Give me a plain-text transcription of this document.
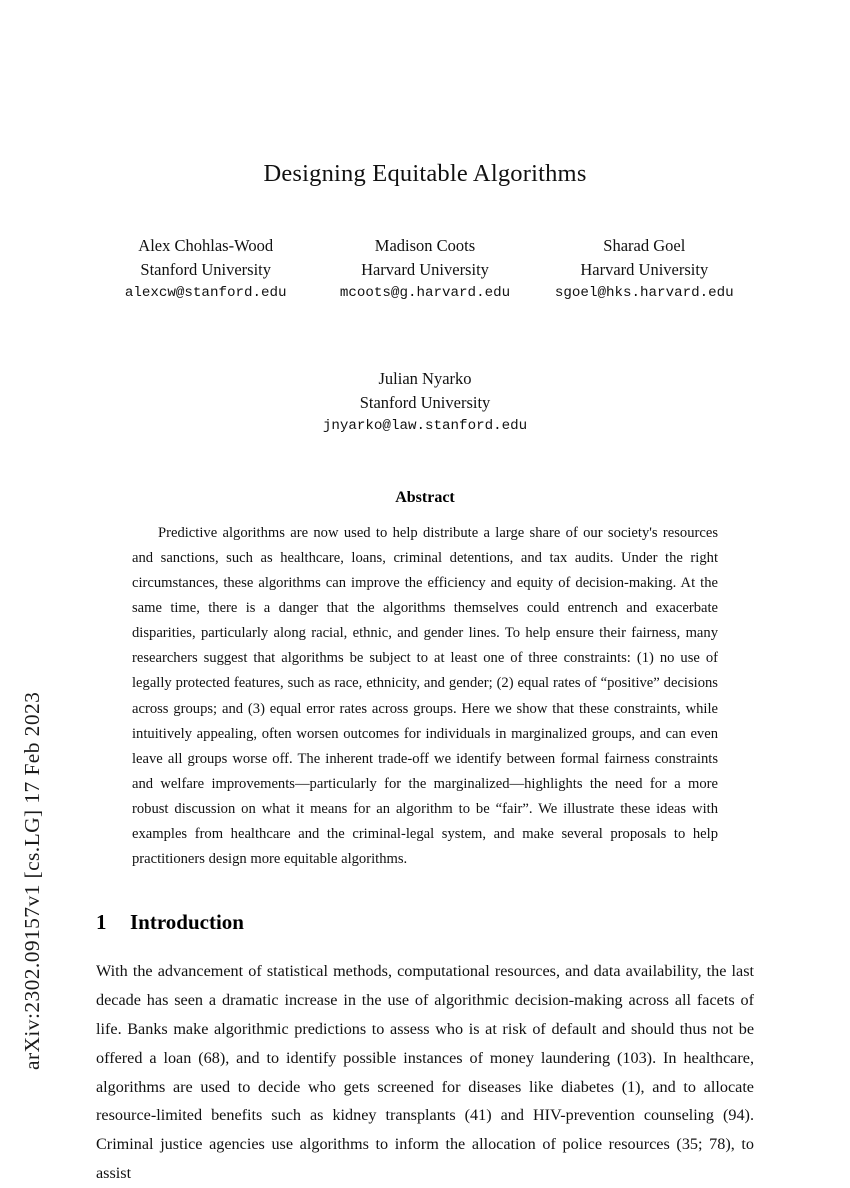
arXiv:2302.09157v1 [cs.LG] 17 Feb 2023
Designing Equitable Algorithms
Alex Chohlas-Wood
Stanford University
alexcw@stanford.edu
Madison Coots
Harvard University
mcoots@g.harvard.edu
Sharad Goel
Harvard University
sgoel@hks.harvard.edu
Julian Nyarko
Stanford University
jnyarko@law.stanford.edu
Abstract
Predictive algorithms are now used to help distribute a large share of our society's resources and sanctions, such as healthcare, loans, criminal detentions, and tax audits. Under the right circumstances, these algorithms can improve the efficiency and equity of decision-making. At the same time, there is a danger that the algorithms themselves could entrench and exacerbate disparities, particularly along racial, ethnic, and gender lines. To help ensure their fairness, many researchers suggest that algorithms be subject to at least one of three constraints: (1) no use of legally protected features, such as race, ethnicity, and gender; (2) equal rates of “positive” decisions across groups; and (3) equal error rates across groups. Here we show that these constraints, while intuitively appealing, often worsen outcomes for individuals in marginalized groups, and can even leave all groups worse off. The inherent trade-off we identify between formal fairness constraints and welfare improvements—particularly for the marginalized—highlights the need for a more robust discussion on what it means for an algorithm to be “fair”. We illustrate these ideas with examples from healthcare and the criminal-legal system, and make several proposals to help practitioners design more equitable algorithms.
1	Introduction
With the advancement of statistical methods, computational resources, and data availability, the last decade has seen a dramatic increase in the use of algorithmic decision-making across all facets of life. Banks make algorithmic predictions to assess who is at risk of default and should thus not be offered a loan (68), and to identify possible instances of money laundering (103). In healthcare, algorithms are used to decide who gets screened for diseases like diabetes (1), and to allocate resource-limited benefits such as kidney transplants (41) and HIV-prevention counseling (94). Criminal justice agencies use algorithms to inform the allocation of police resources (35; 78), to assist
